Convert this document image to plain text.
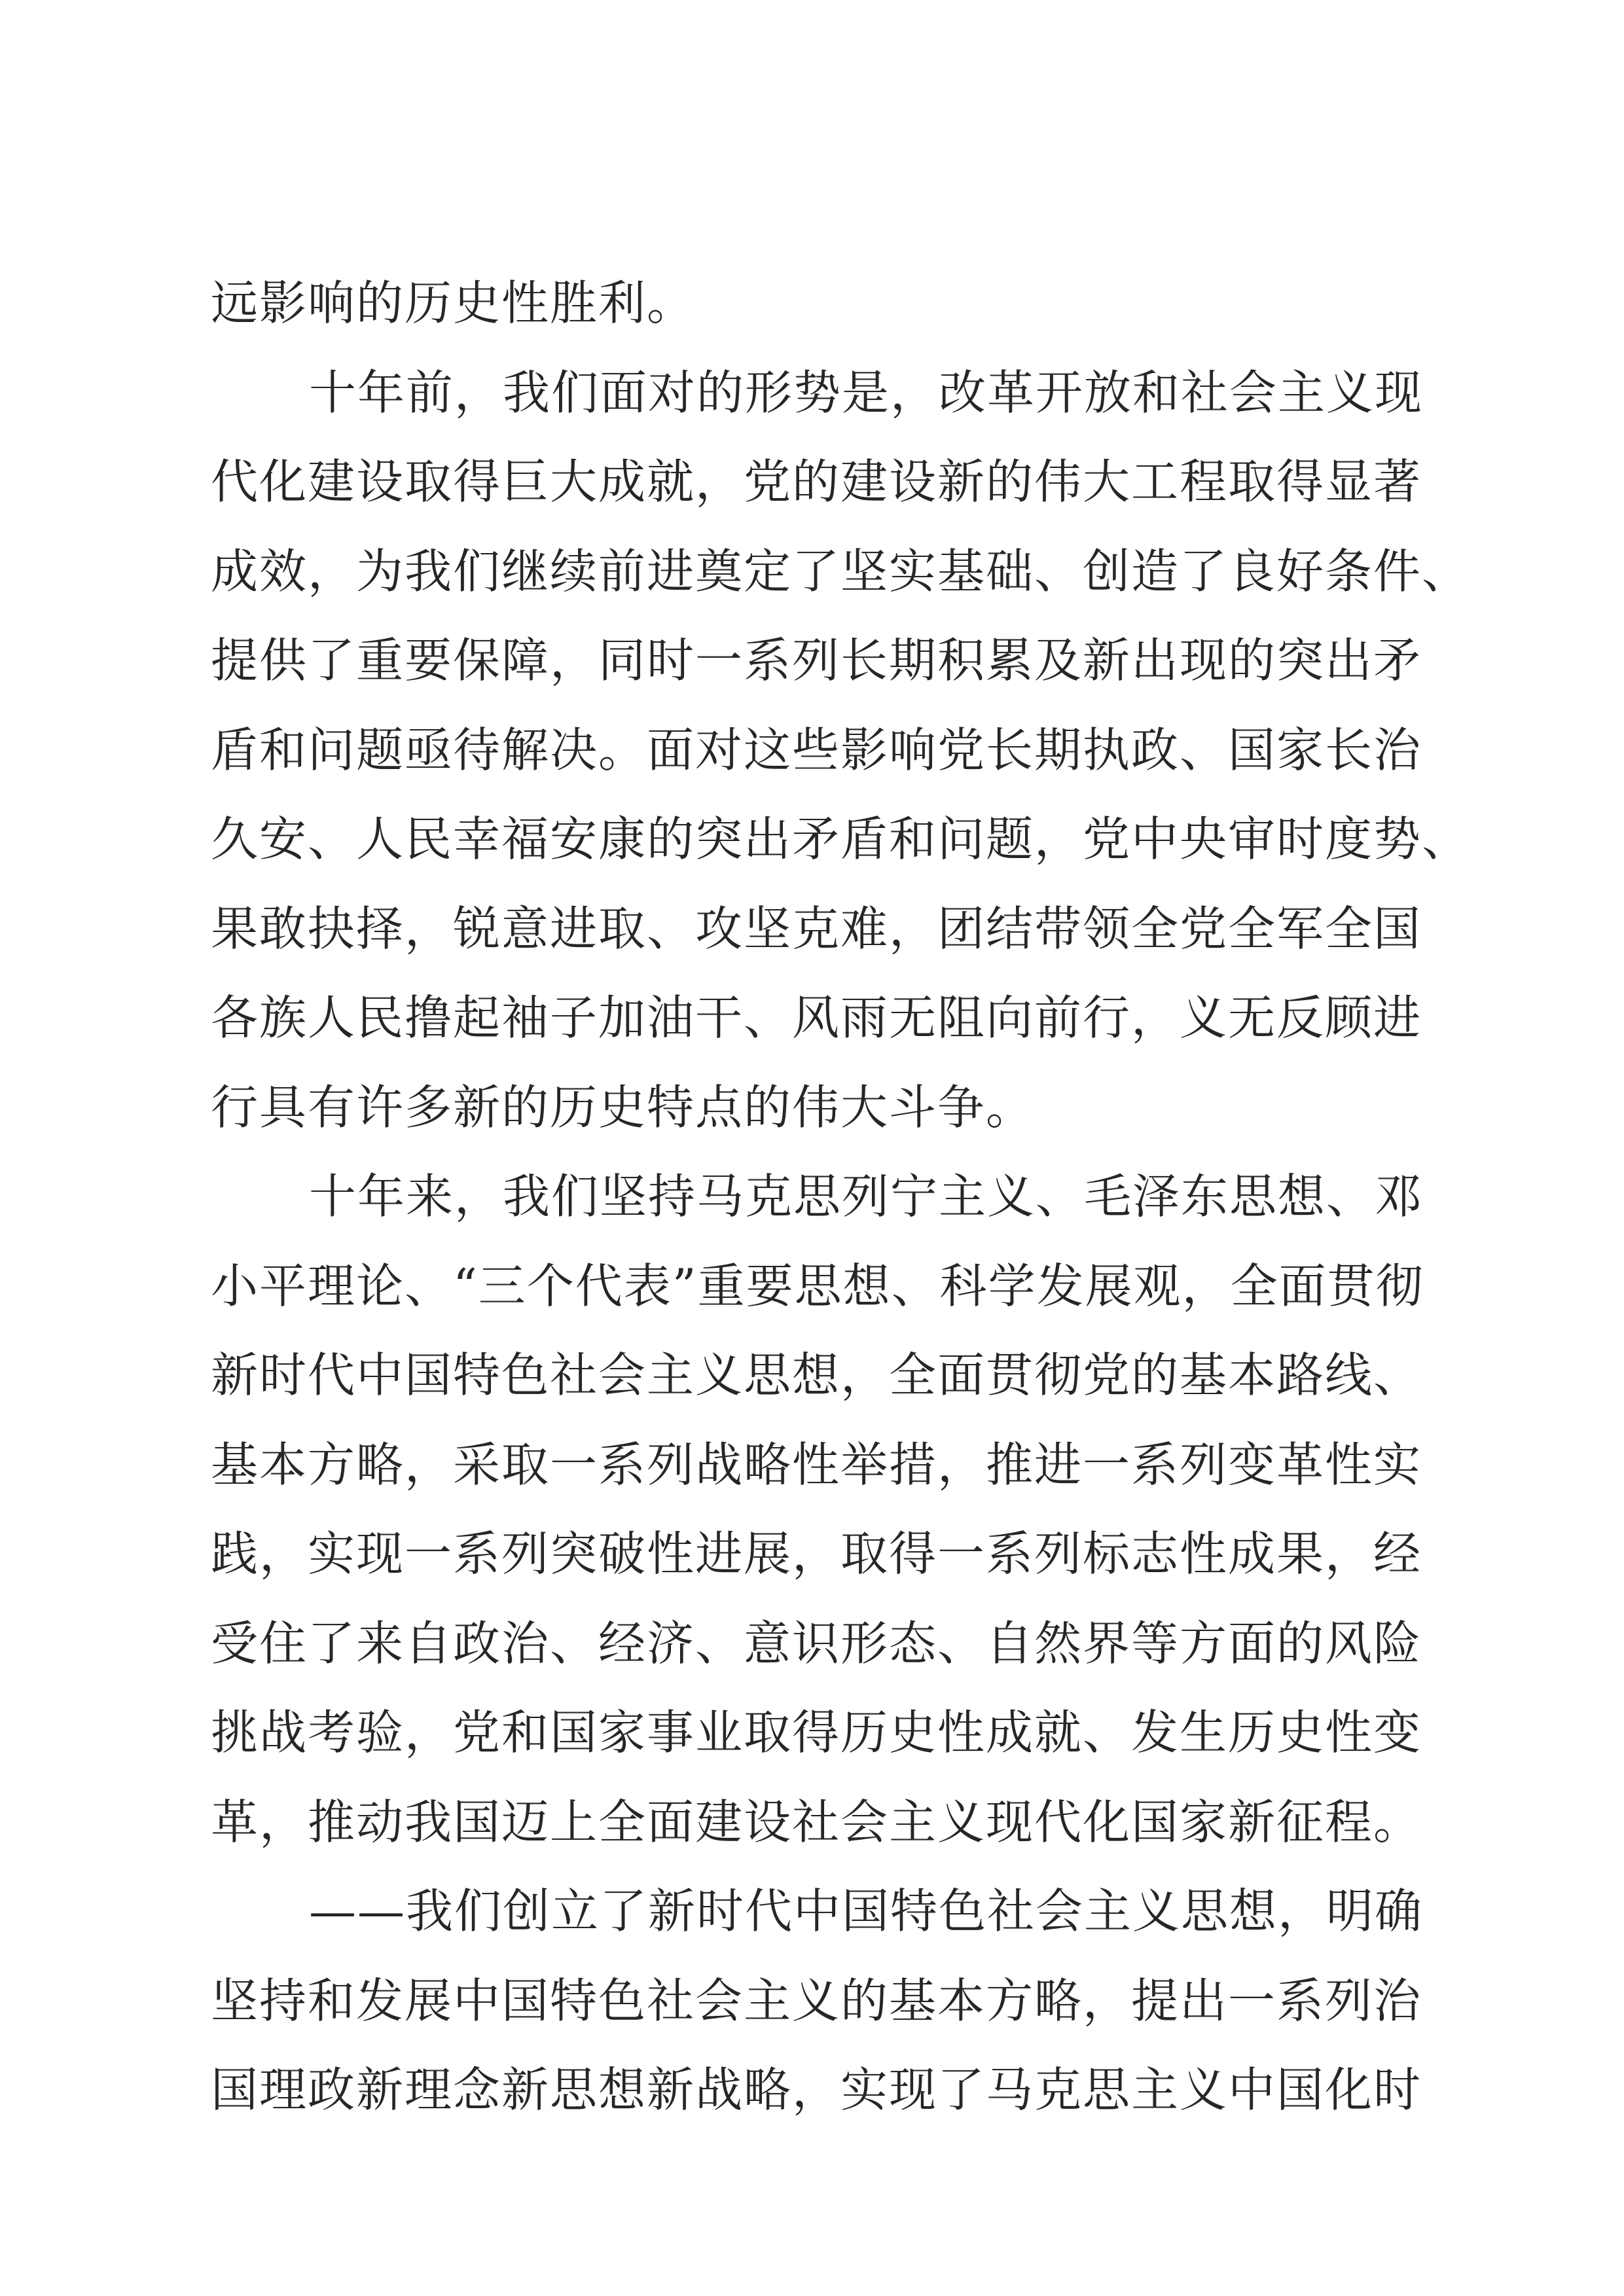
远影响的历史性胜利。
十年前，我们面对的形势是，改革开放和社会主义现
代化建设取得巨大成就，党的建设新的伟大工程取得显著
成效，为我们继续前进奠定了坚实基础、创造了良好条件、
提供了重要保障，同时一系列长期积累及新出现的突出矛
盾和问题亟待解决。面对这些影响党长期执政、国家长治
久安、人民幸福安康的突出矛盾和问题，党中央审时度势、
果敢抉择，锐意进取、攻坚克难，团结带领全党全军全国
各族人民撸起袖子加油干、风雨无阻向前行，义无反顾进
行具有许多新的历史特点的伟大斗争。
十年来，我们坚持马克思列宁主义、毛泽东思想、邓
小平理论、“三个代表”重要思想、科学发展观，全面贯彻
新时代中国特色社会主义思想，全面贯彻党的基本路线、
基本方略，采取一系列战略性举措，推进一系列变革性实
践，实现一系列突破性进展，取得一系列标志性成果，经
受住了来自政治、经济、意识形态、自然界等方面的风险
挑战考验，党和国家事业取得历史性成就、发生历史性变
革，推动我国迈上全面建设社会主义现代化国家新征程。
——我们创立了新时代中国特色社会主义思想，明确
坚持和发展中国特色社会主义的基本方略，提出一系列治
国理政新理念新思想新战略，实现了马克思主义中国化时
